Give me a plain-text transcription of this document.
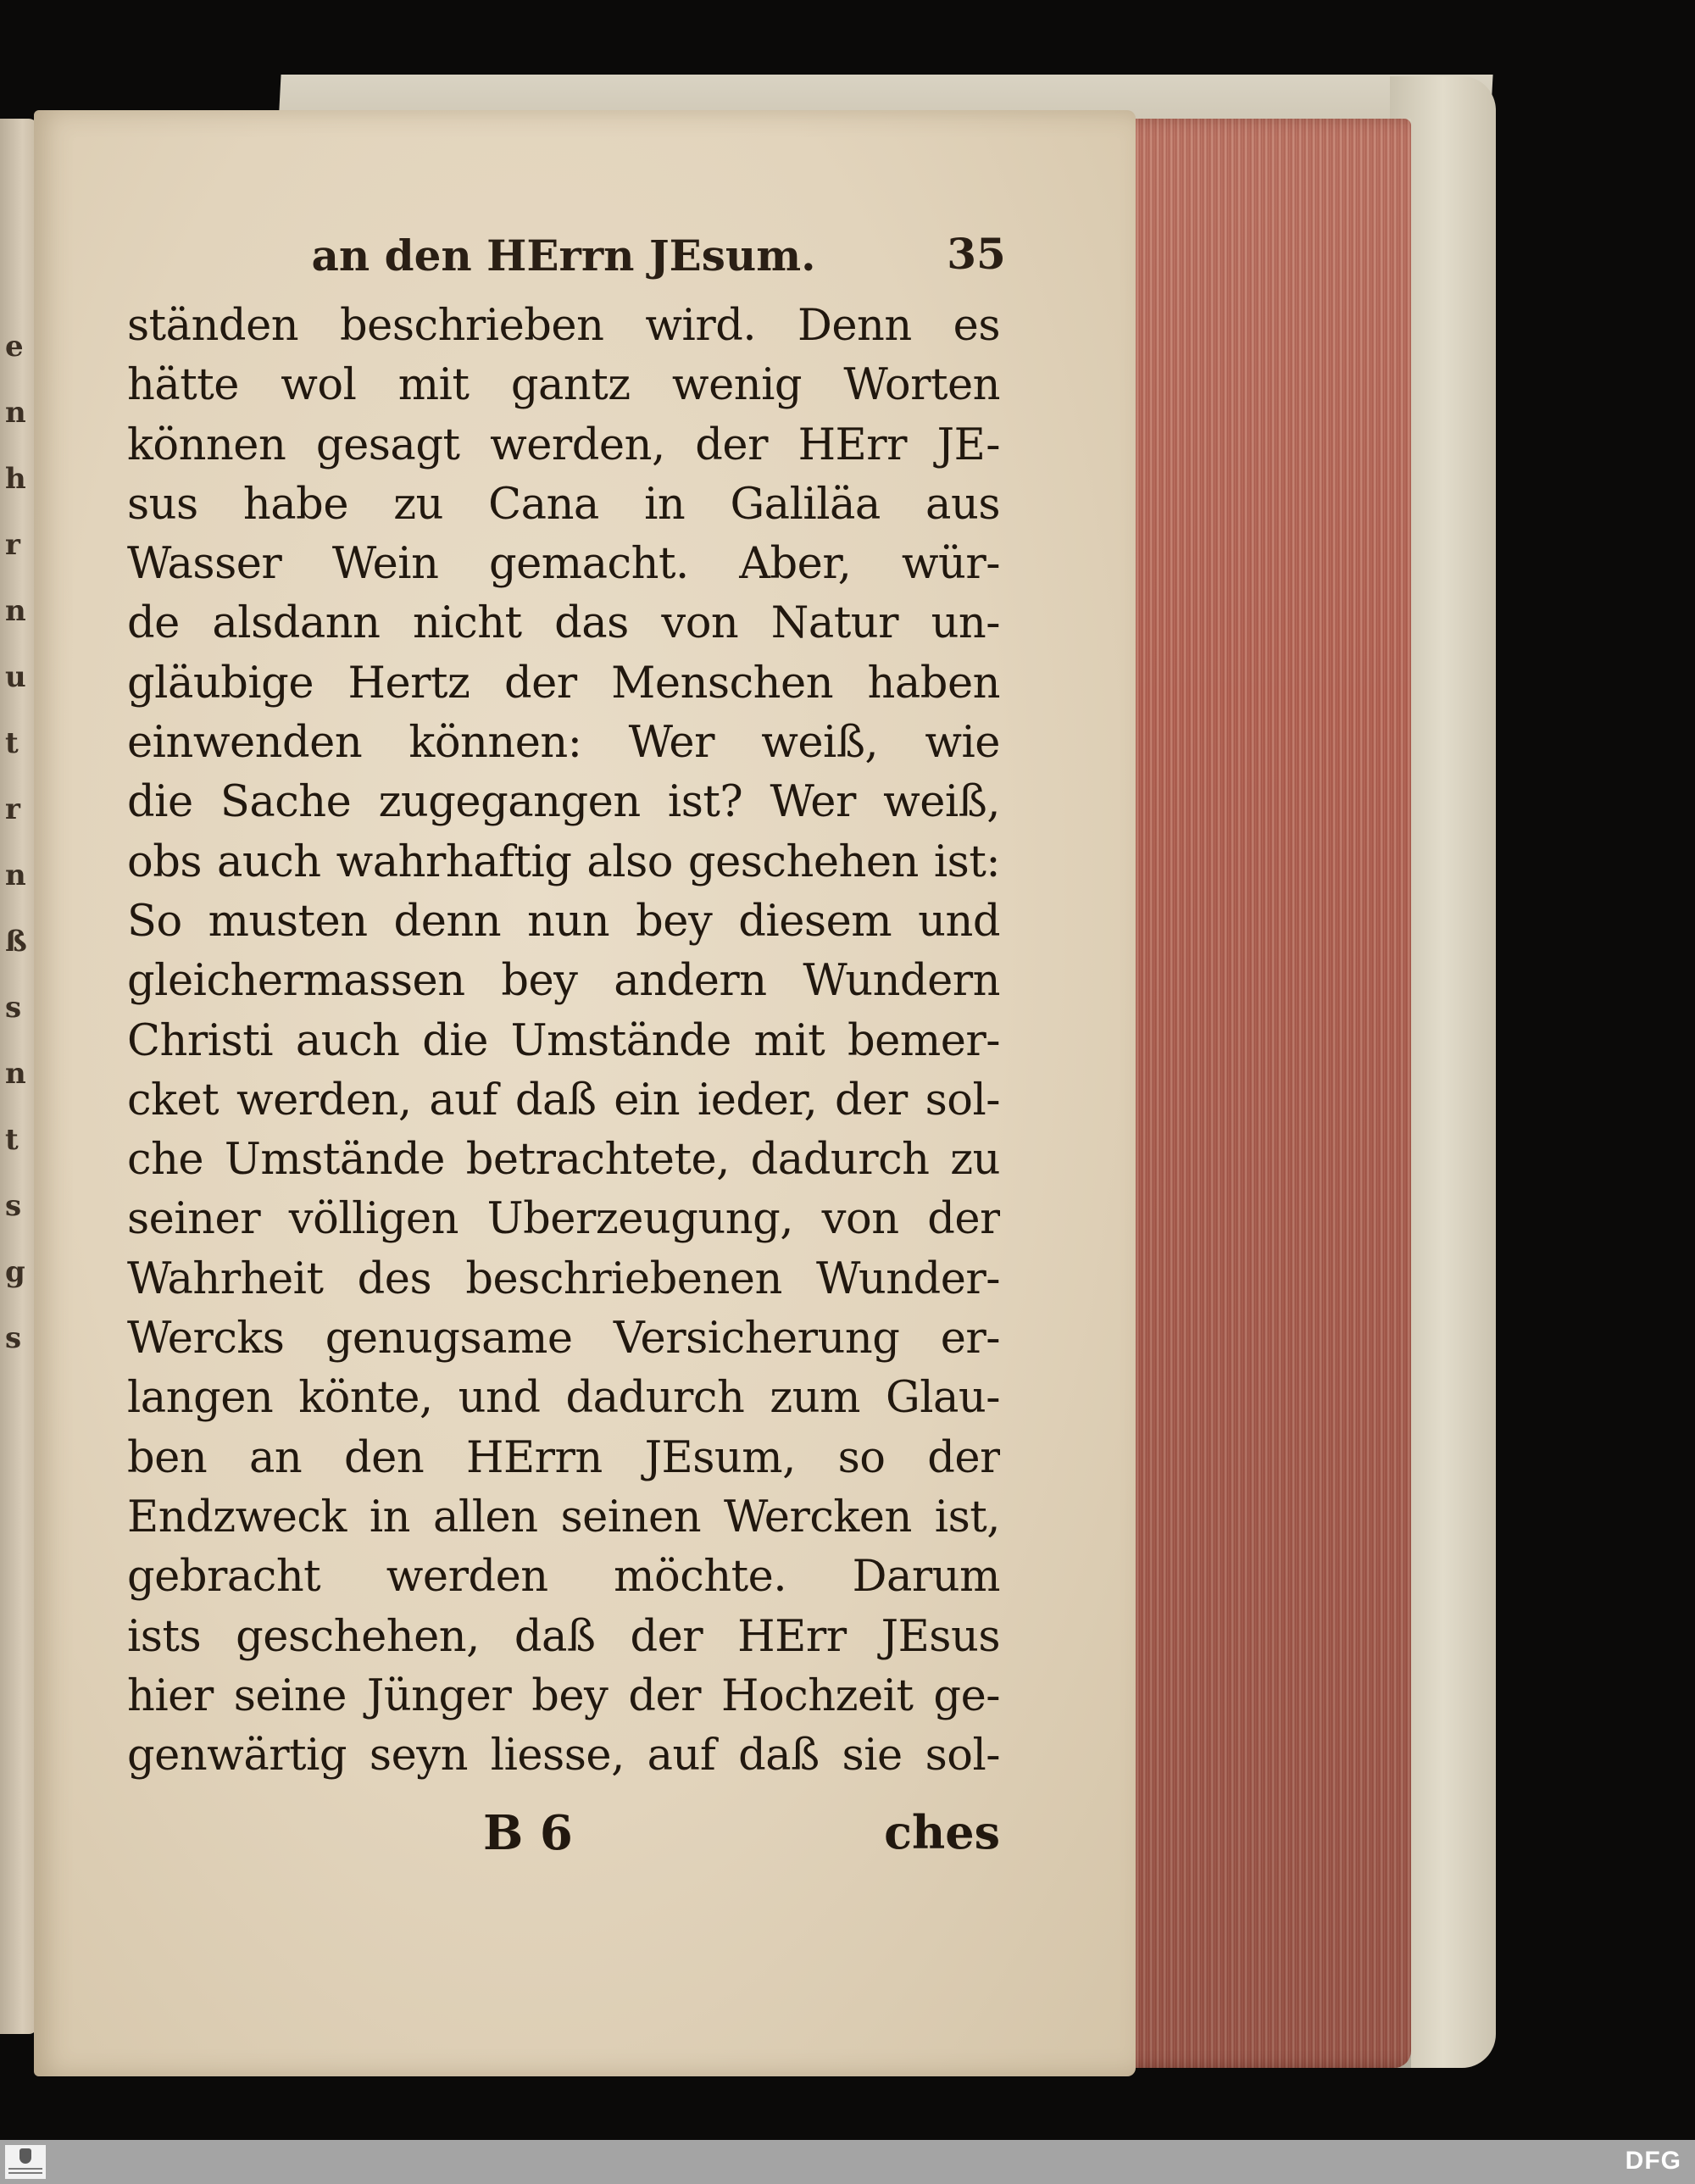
e
n
h
r
n
u
t
r
n
ß
s
n
t
s
g
s
an den HErrn JEsum.	35
ständen beschrieben wird. Denn es
hätte wol mit gantz wenig Worten
können gesagt werden, der HErr JE-
sus habe zu Cana in Galiläa aus
Wasser Wein gemacht. Aber, wür-
de alsdann nicht das von Natur un-
gläubige Hertz der Menschen haben
einwenden können: Wer weiß, wie
die Sache zugegangen ist? Wer weiß,
obs auch wahrhaftig also geschehen ist:
So musten denn nun bey diesem und
gleichermassen bey andern Wundern
Christi auch die Umstände mit bemer-
cket werden, auf daß ein ieder, der sol-
che Umstände betrachtete, dadurch zu
seiner völligen Uberzeugung, von der
Wahrheit des beschriebenen Wunder-
Wercks genugsame Versicherung er-
langen könte, und dadurch zum Glau-
ben an den HErrn JEsum, so der
Endzweck in allen seinen Wercken ist,
gebracht werden möchte. Darum
ists geschehen, daß der HErr JEsus
hier seine Jünger bey der Hochzeit ge-
genwärtig seyn liesse, auf daß sie sol-
B 6	ches
DFG
